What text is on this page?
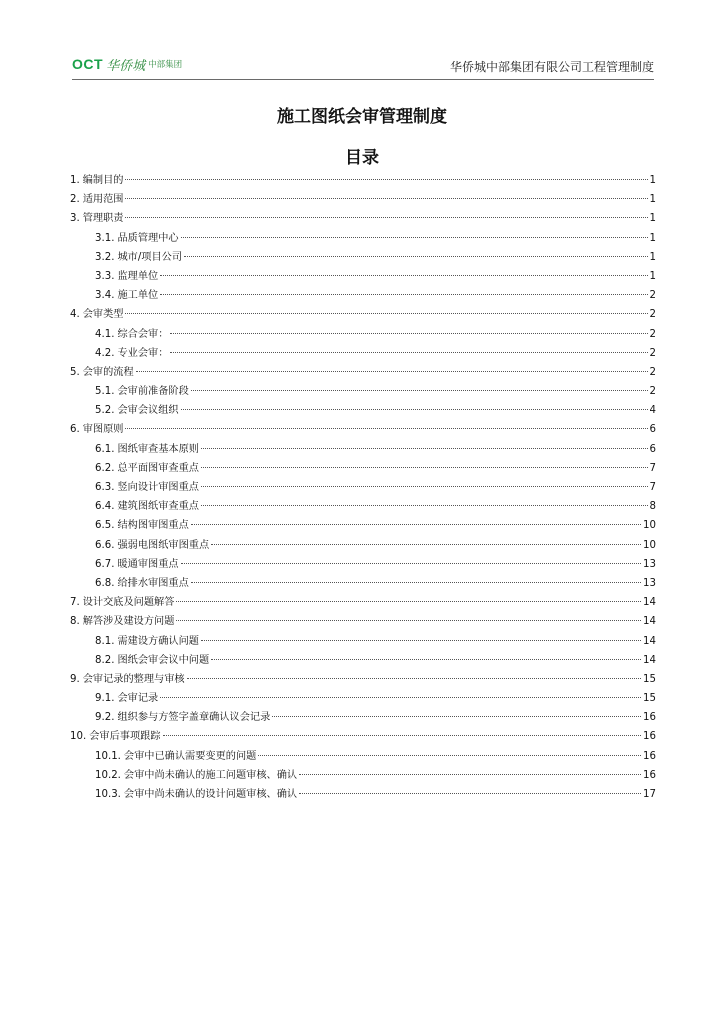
OCT 华侨城 中部集团	华侨城中部集团有限公司工程管理制度
施工图纸会审管理制度
目录
1. 编制目的	1
2. 适用范围	1
3. 管理职责	1
3.1. 品质管理中心	1
3.2. 城市/项目公司	1
3.3. 监理单位	1
3.4. 施工单位	2
4. 会审类型	2
4.1. 综合会审：	2
4.2. 专业会审：	2
5. 会审的流程	2
5.1. 会审前准备阶段	2
5.2. 会审会议组织	4
6. 审图原则	6
6.1. 图纸审查基本原则	6
6.2. 总平面图审查重点	7
6.3. 竖向设计审图重点	7
6.4. 建筑图纸审查重点	8
6.5. 结构图审图重点	10
6.6. 强弱电图纸审图重点	10
6.7. 暖通审图重点	13
6.8. 给排水审图重点	13
7. 设计交底及问题解答	14
8. 解答涉及建设方问题	14
8.1. 需建设方确认问题	14
8.2. 图纸会审会议中问题	14
9. 会审记录的整理与审核	15
9.1. 会审记录	15
9.2. 组织参与方签字盖章确认议会记录	16
10. 会审后事项跟踪	16
10.1. 会审中已确认需要变更的问题	16
10.2. 会审中尚未确认的施工问题审核、确认	16
10.3. 会审中尚未确认的设计问题审核、确认	17
